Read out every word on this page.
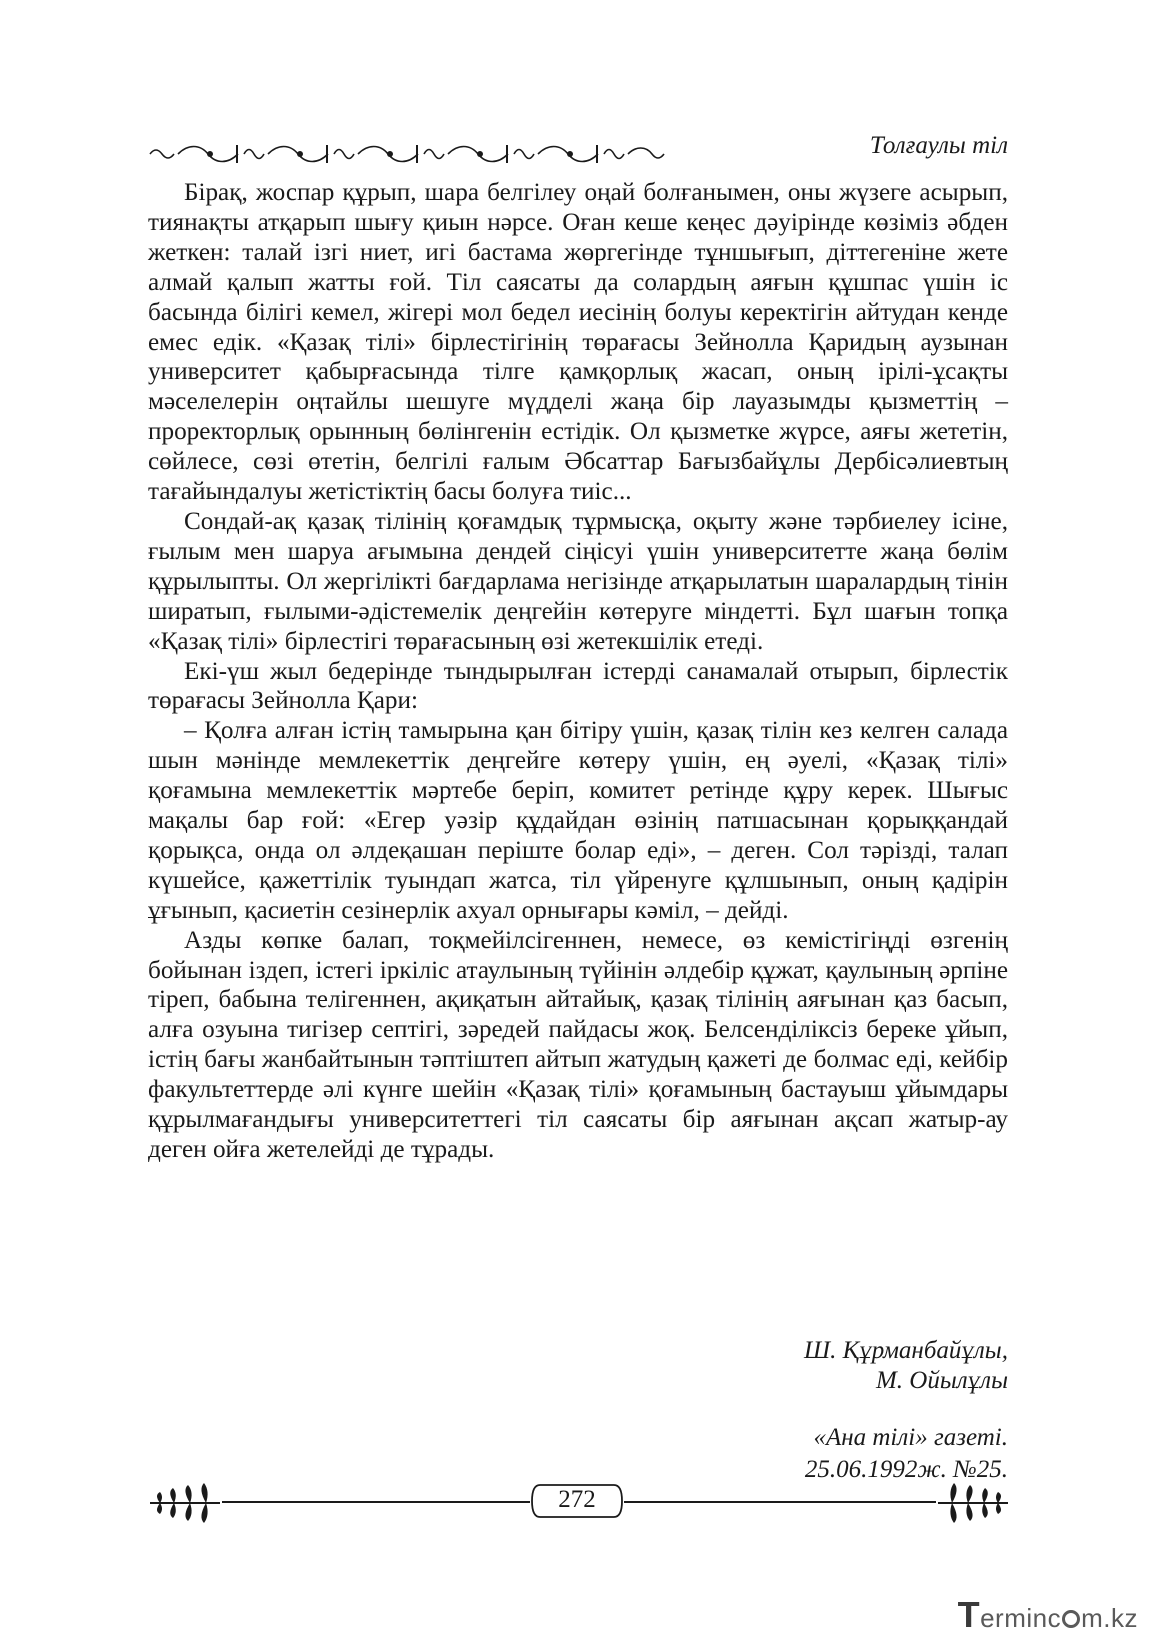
Толғаулы тіл

Бірақ, жоспар құрып, шара белгілеу оңай болғанымен, оны жүзеге асырып, тиянақты атқарып шығу қиын нәрсе. Оған кеше кеңес дәуірінде көзіміз әбден жеткен: талай ізгі ниет, игі бастама жөргегінде тұншығып, діттегеніне жете алмай қалып жатты ғой. Тіл саясаты да солардың аяғын құшпас үшін іс басында білігі кемел, жігері мол бедел иесінің болуы керектігін айтудан кенде емес едік. «Қазақ тілі» бірлестігінің төрағасы Зейнолла Қаридың аузынан университет қабырғасында тілге қамқорлық жасап, оның ірілі-ұсақты мәселелерін оңтайлы шешуге мүдделі жаңа бір лауазымды қызметтің – проректорлық орынның бөлінгенін естідік. Ол қызметке жүрсе, аяғы жететін, сөйлесе, сөзі өтетін, белгілі ғалым Әбсаттар Бағызбайұлы Дербісәлиевтың тағайындалуы жетістіктің басы болуға тиіс...

Сондай-ақ қазақ тілінің қоғамдық тұрмысқа, оқыту және тәрбиелеу ісіне, ғылым мен шаруа ағымына дендей сіңісуі үшін университетте жаңа бөлім құрылыпты. Ол жергілікті бағдарлама негізінде атқарылатын шаралардың тінін ширатып, ғылыми-әдістемелік деңгейін көтеруге міндетті. Бұл шағын топқа «Қазақ тілі» бірлестігі төрағасының өзі жетекшілік етеді.

Екі-үш жыл бедерінде тындырылған істерді санамалай отырып, бірлестік төрағасы Зейнолла Қари:

– Қолға алған істің тамырына қан бітіру үшін, қазақ тілін кез келген салада шын мәнінде мемлекеттік деңгейге көтеру үшін, ең әуелі, «Қазақ тілі» қоғамына мемлекеттік мәртебе беріп, комитет ретінде құру керек. Шығыс мақалы бар ғой: «Егер уәзір құдайдан өзінің патшасынан қорыққандай қорықса, онда ол әлдеқашан періште болар еді», – деген. Сол тәрізді, талап күшейсе, қажеттілік туындап жатса, тіл үйренуге құлшынып, оның қадірін ұғынып, қасиетін сезінерлік ахуал орнығары кәміл, – дейді.

Азды көпке балап, тоқмейілсігеннен, немесе, өз кемістігіңді өзгенің бойынан іздеп, істегі іркіліс атаулының түйінін әлдебір құжат, қаулының әрпіне тіреп, бабына телігеннен, ақиқатын айтайық, қазақ тілінің аяғынан қаз басып, алға озуына тигізер септігі, зәредей пайдасы жоқ. Белсенділіксіз береке ұйып, істің бағы жанбайтынын тәптіштеп айтып жатудың қажеті де болмас еді, кейбір факультеттерде әлі күнге шейін «Қазақ тілі» қоғамының бастауыш ұйымдары құрылмағандығы университеттегі тіл саясаты бір аяғынан ақсап жатыр-ау деген ойға жетелейді де тұрады.

Ш. Құрманбайұлы,
М. Ойылұлы
«Ана тілі» газеті.
25.06.1992ж. №25.
272
Terminc○m.kz
